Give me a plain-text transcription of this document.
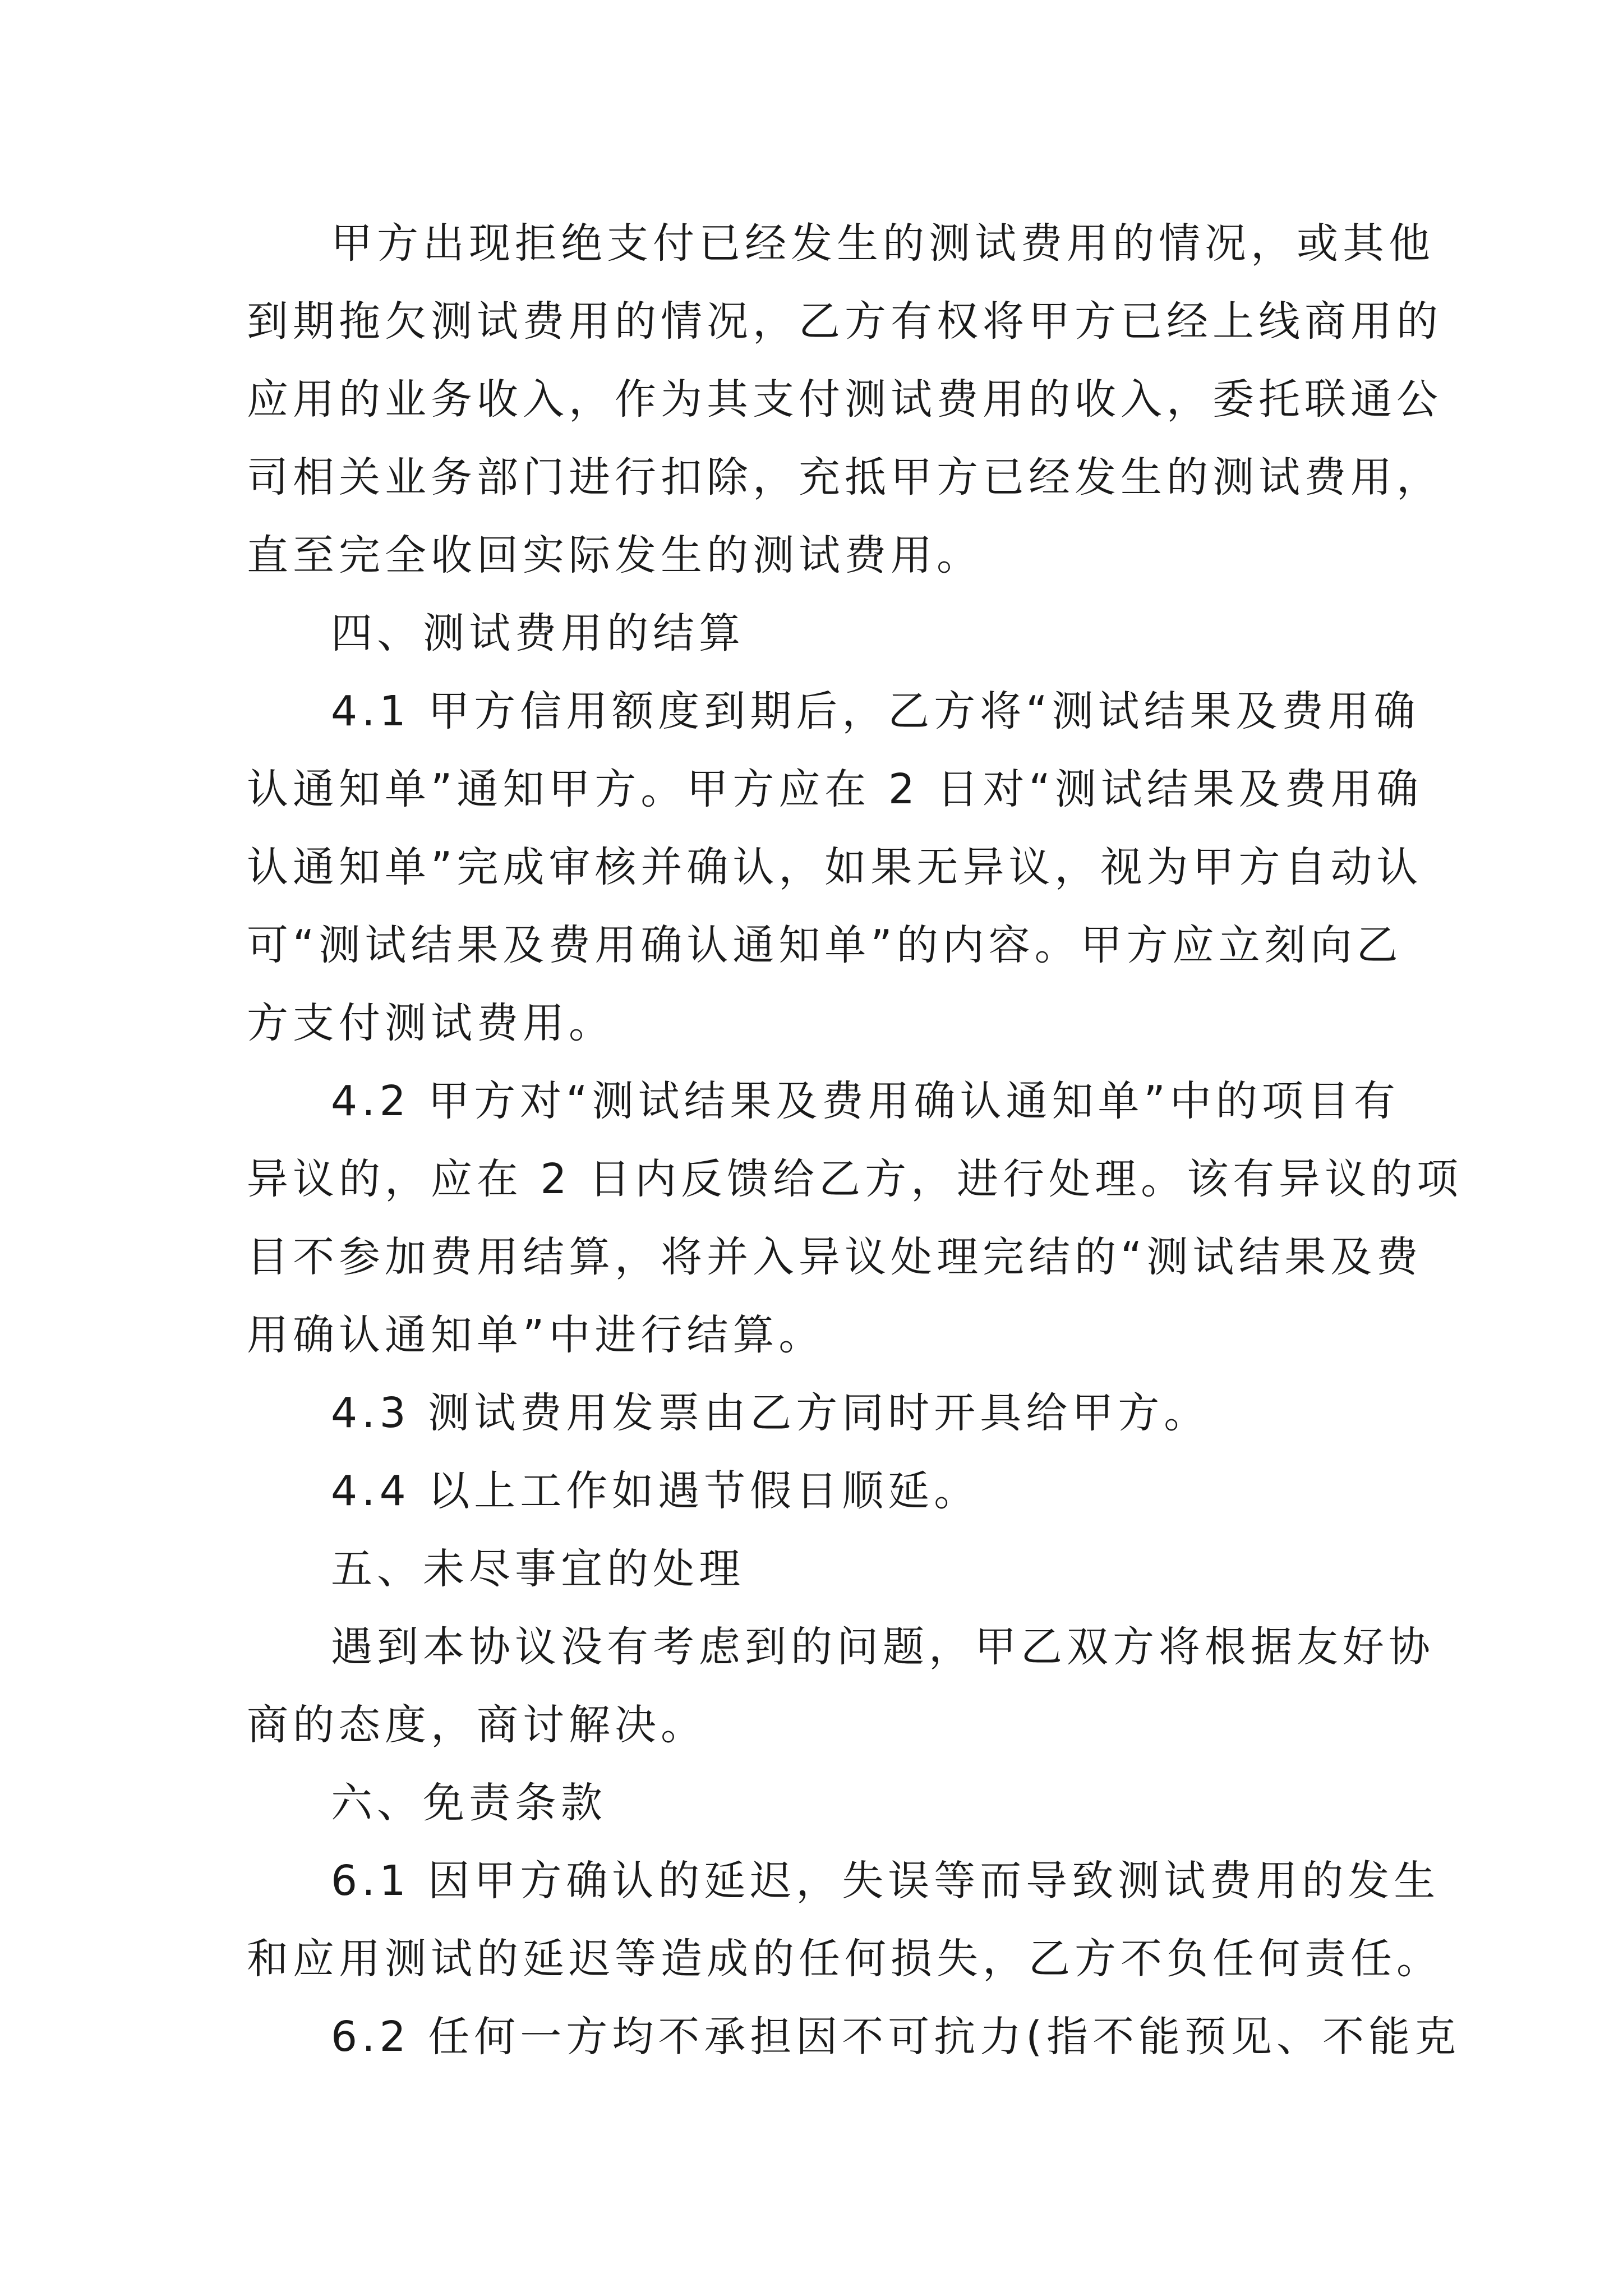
甲方出现拒绝支付已经发生的测试费用的情况，或其他

到期拖欠测试费用的情况，乙方有权将甲方已经上线商用的

应用的业务收入，作为其支付测试费用的收入，委托联通公

司相关业务部门进行扣除，充抵甲方已经发生的测试费用，

直至完全收回实际发生的测试费用。

四、测试费用的结算

4.1 甲方信用额度到期后，乙方将“测试结果及费用确

认通知单”通知甲方。甲方应在 2 日对“测试结果及费用确

认通知单”完成审核并确认，如果无异议，视为甲方自动认

可“测试结果及费用确认通知单”的内容。甲方应立刻向乙

方支付测试费用。

4.2 甲方对“测试结果及费用确认通知单”中的项目有

异议的，应在 2 日内反馈给乙方，进行处理。该有异议的项

目不参加费用结算，将并入异议处理完结的“测试结果及费

用确认通知单”中进行结算。

4.3 测试费用发票由乙方同时开具给甲方。

4.4 以上工作如遇节假日顺延。

五、未尽事宜的处理

遇到本协议没有考虑到的问题，甲乙双方将根据友好协

商的态度，商讨解决。

六、免责条款

6.1 因甲方确认的延迟，失误等而导致测试费用的发生

和应用测试的延迟等造成的任何损失，乙方不负任何责任。

6.2 任何一方均不承担因不可抗力(指不能预见、不能克
